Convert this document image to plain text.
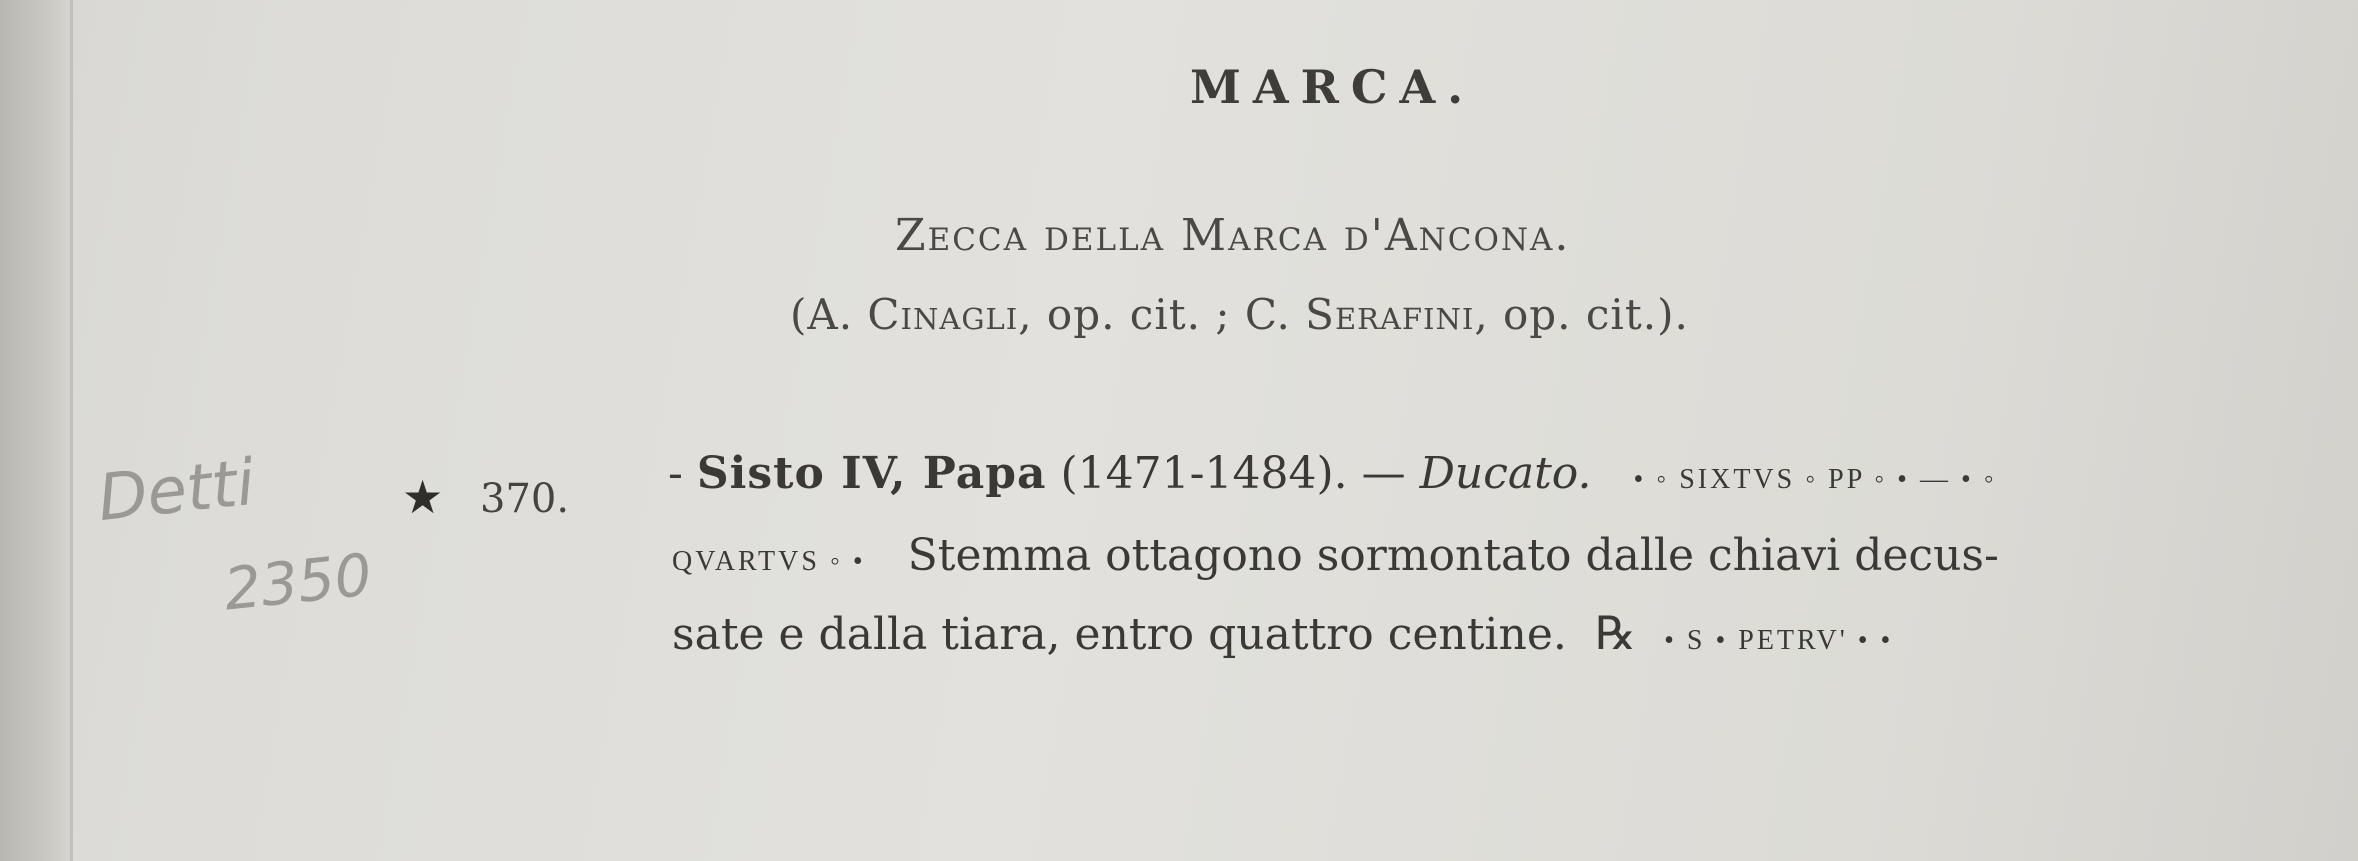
MARCA.
Zecca della Marca d'Ancona.
(A. Cinagli, op. cit. ; C. Serafini, op. cit.).
Detti
2350
★ 370. - Sisto IV, Papa (1471-1484). — Ducato. • ◦ SIXTVS ◦ PP ◦ • — • ◦
QVARTVS ◦ • Stemma ottagono sormontato dalle chiavi decus-
sate e dalla tiara, entro quattro centine. ℞ • S • PETRV' • •
